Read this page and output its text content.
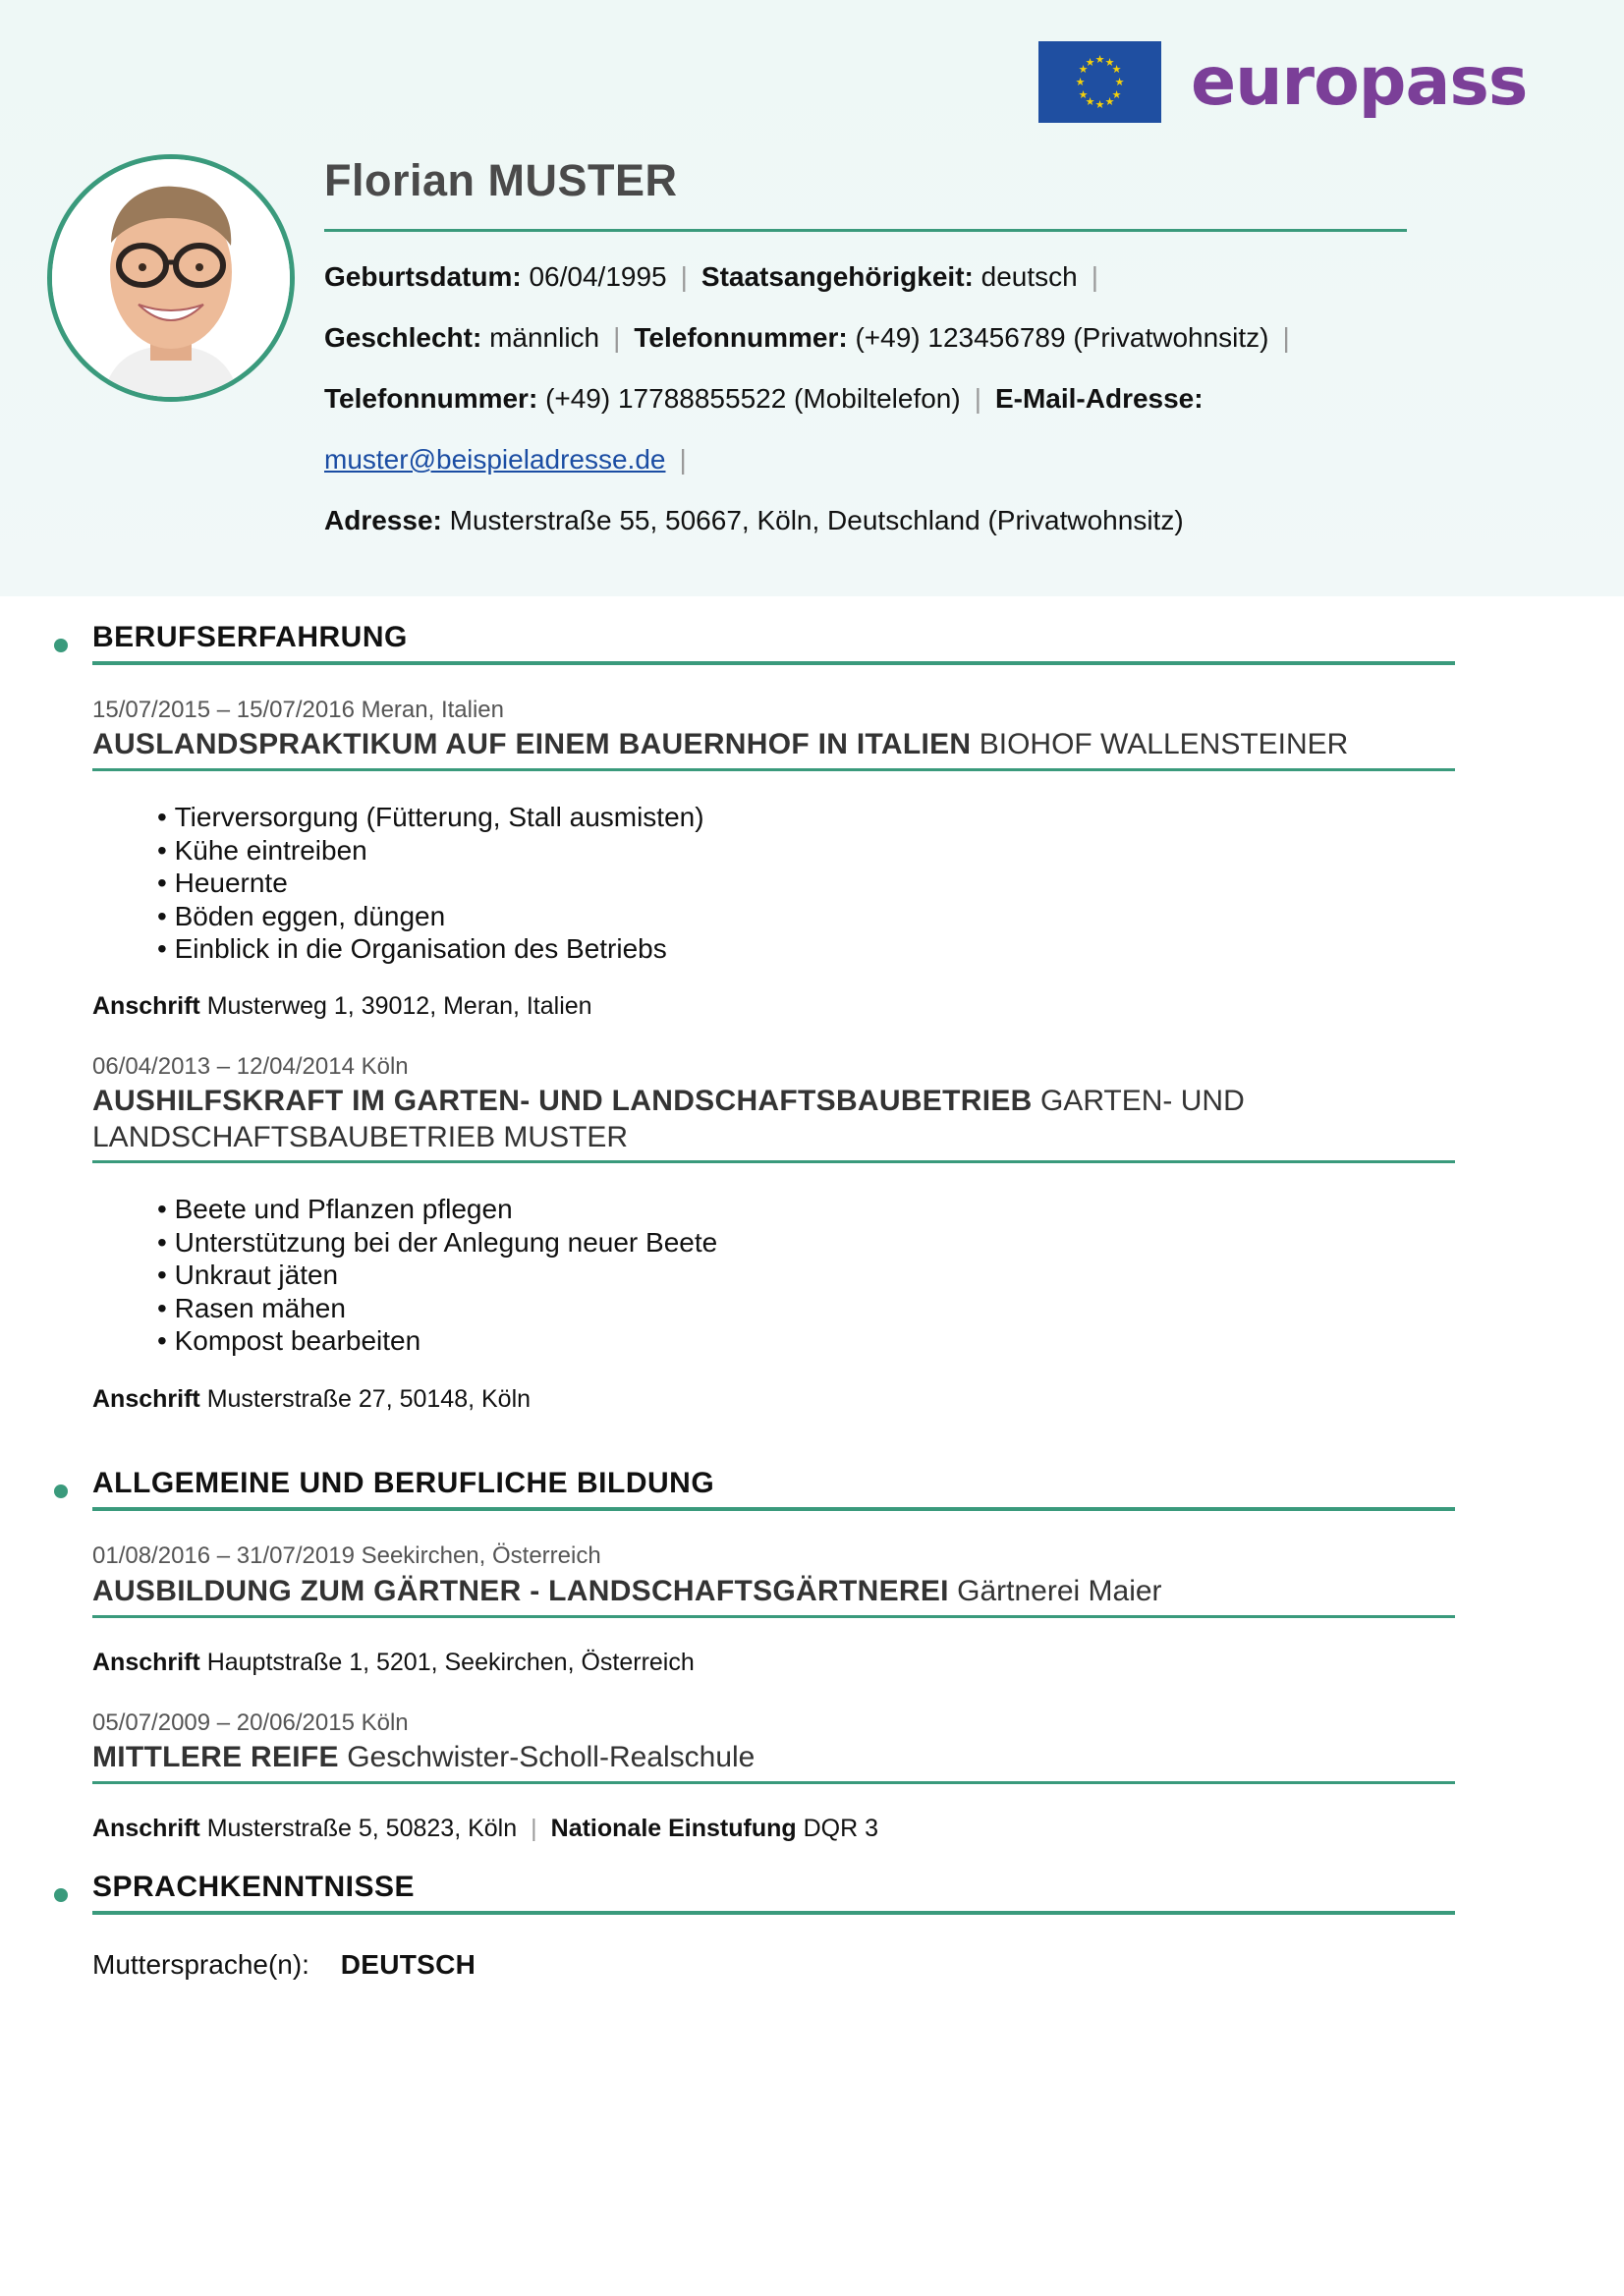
★ ★
★
★
★
★
★
★
★
★
★
★ europass
Florian MUSTER
Geburtsdatum: 06/04/1995 | Staatsangehörigkeit: deutsch |
Geschlecht: männlich | Telefonnummer: (+49) 123456789 (Privatwohnsitz) |
Telefonnummer: (+49) 17788855522 (Mobiltelefon) | E-Mail-Adresse:
muster@beispieladresse.de |
Adresse: Musterstraße 55, 50667, Köln, Deutschland (Privatwohnsitz)
BERUFSERFAHRUNG
15/07/2015 – 15/07/2016 Meran, Italien
AUSLANDSPRAKTIKUM AUF EINEM BAUERNHOF IN ITALIEN BIOHOF WALLENSTEINER
• Tierversorgung (Fütterung, Stall ausmisten)
• Kühe eintreiben
• Heuernte
• Böden eggen, düngen
• Einblick in die Organisation des Betriebs
Anschrift Musterweg 1, 39012, Meran, Italien
06/04/2013 – 12/04/2014 Köln
AUSHILFSKRAFT IM GARTEN- UND LANDSCHAFTSBAUBETRIEB GARTEN- UND LANDSCHAFTSBAUBETRIEB MUSTER
• Beete und Pflanzen pflegen
• Unterstützung bei der Anlegung neuer Beete
• Unkraut jäten
• Rasen mähen
• Kompost bearbeiten
Anschrift Musterstraße 27, 50148, Köln
ALLGEMEINE UND BERUFLICHE BILDUNG
01/08/2016 – 31/07/2019 Seekirchen, Österreich
AUSBILDUNG ZUM GÄRTNER - LANDSCHAFTSGÄRTNEREI Gärtnerei Maier
Anschrift Hauptstraße 1, 5201, Seekirchen, Österreich
05/07/2009 – 20/06/2015 Köln
MITTLERE REIFE Geschwister-Scholl-Realschule
Anschrift Musterstraße 5, 50823, Köln | Nationale Einstufung DQR 3
SPRACHKENNTNISSE
Muttersprache(n): DEUTSCH
